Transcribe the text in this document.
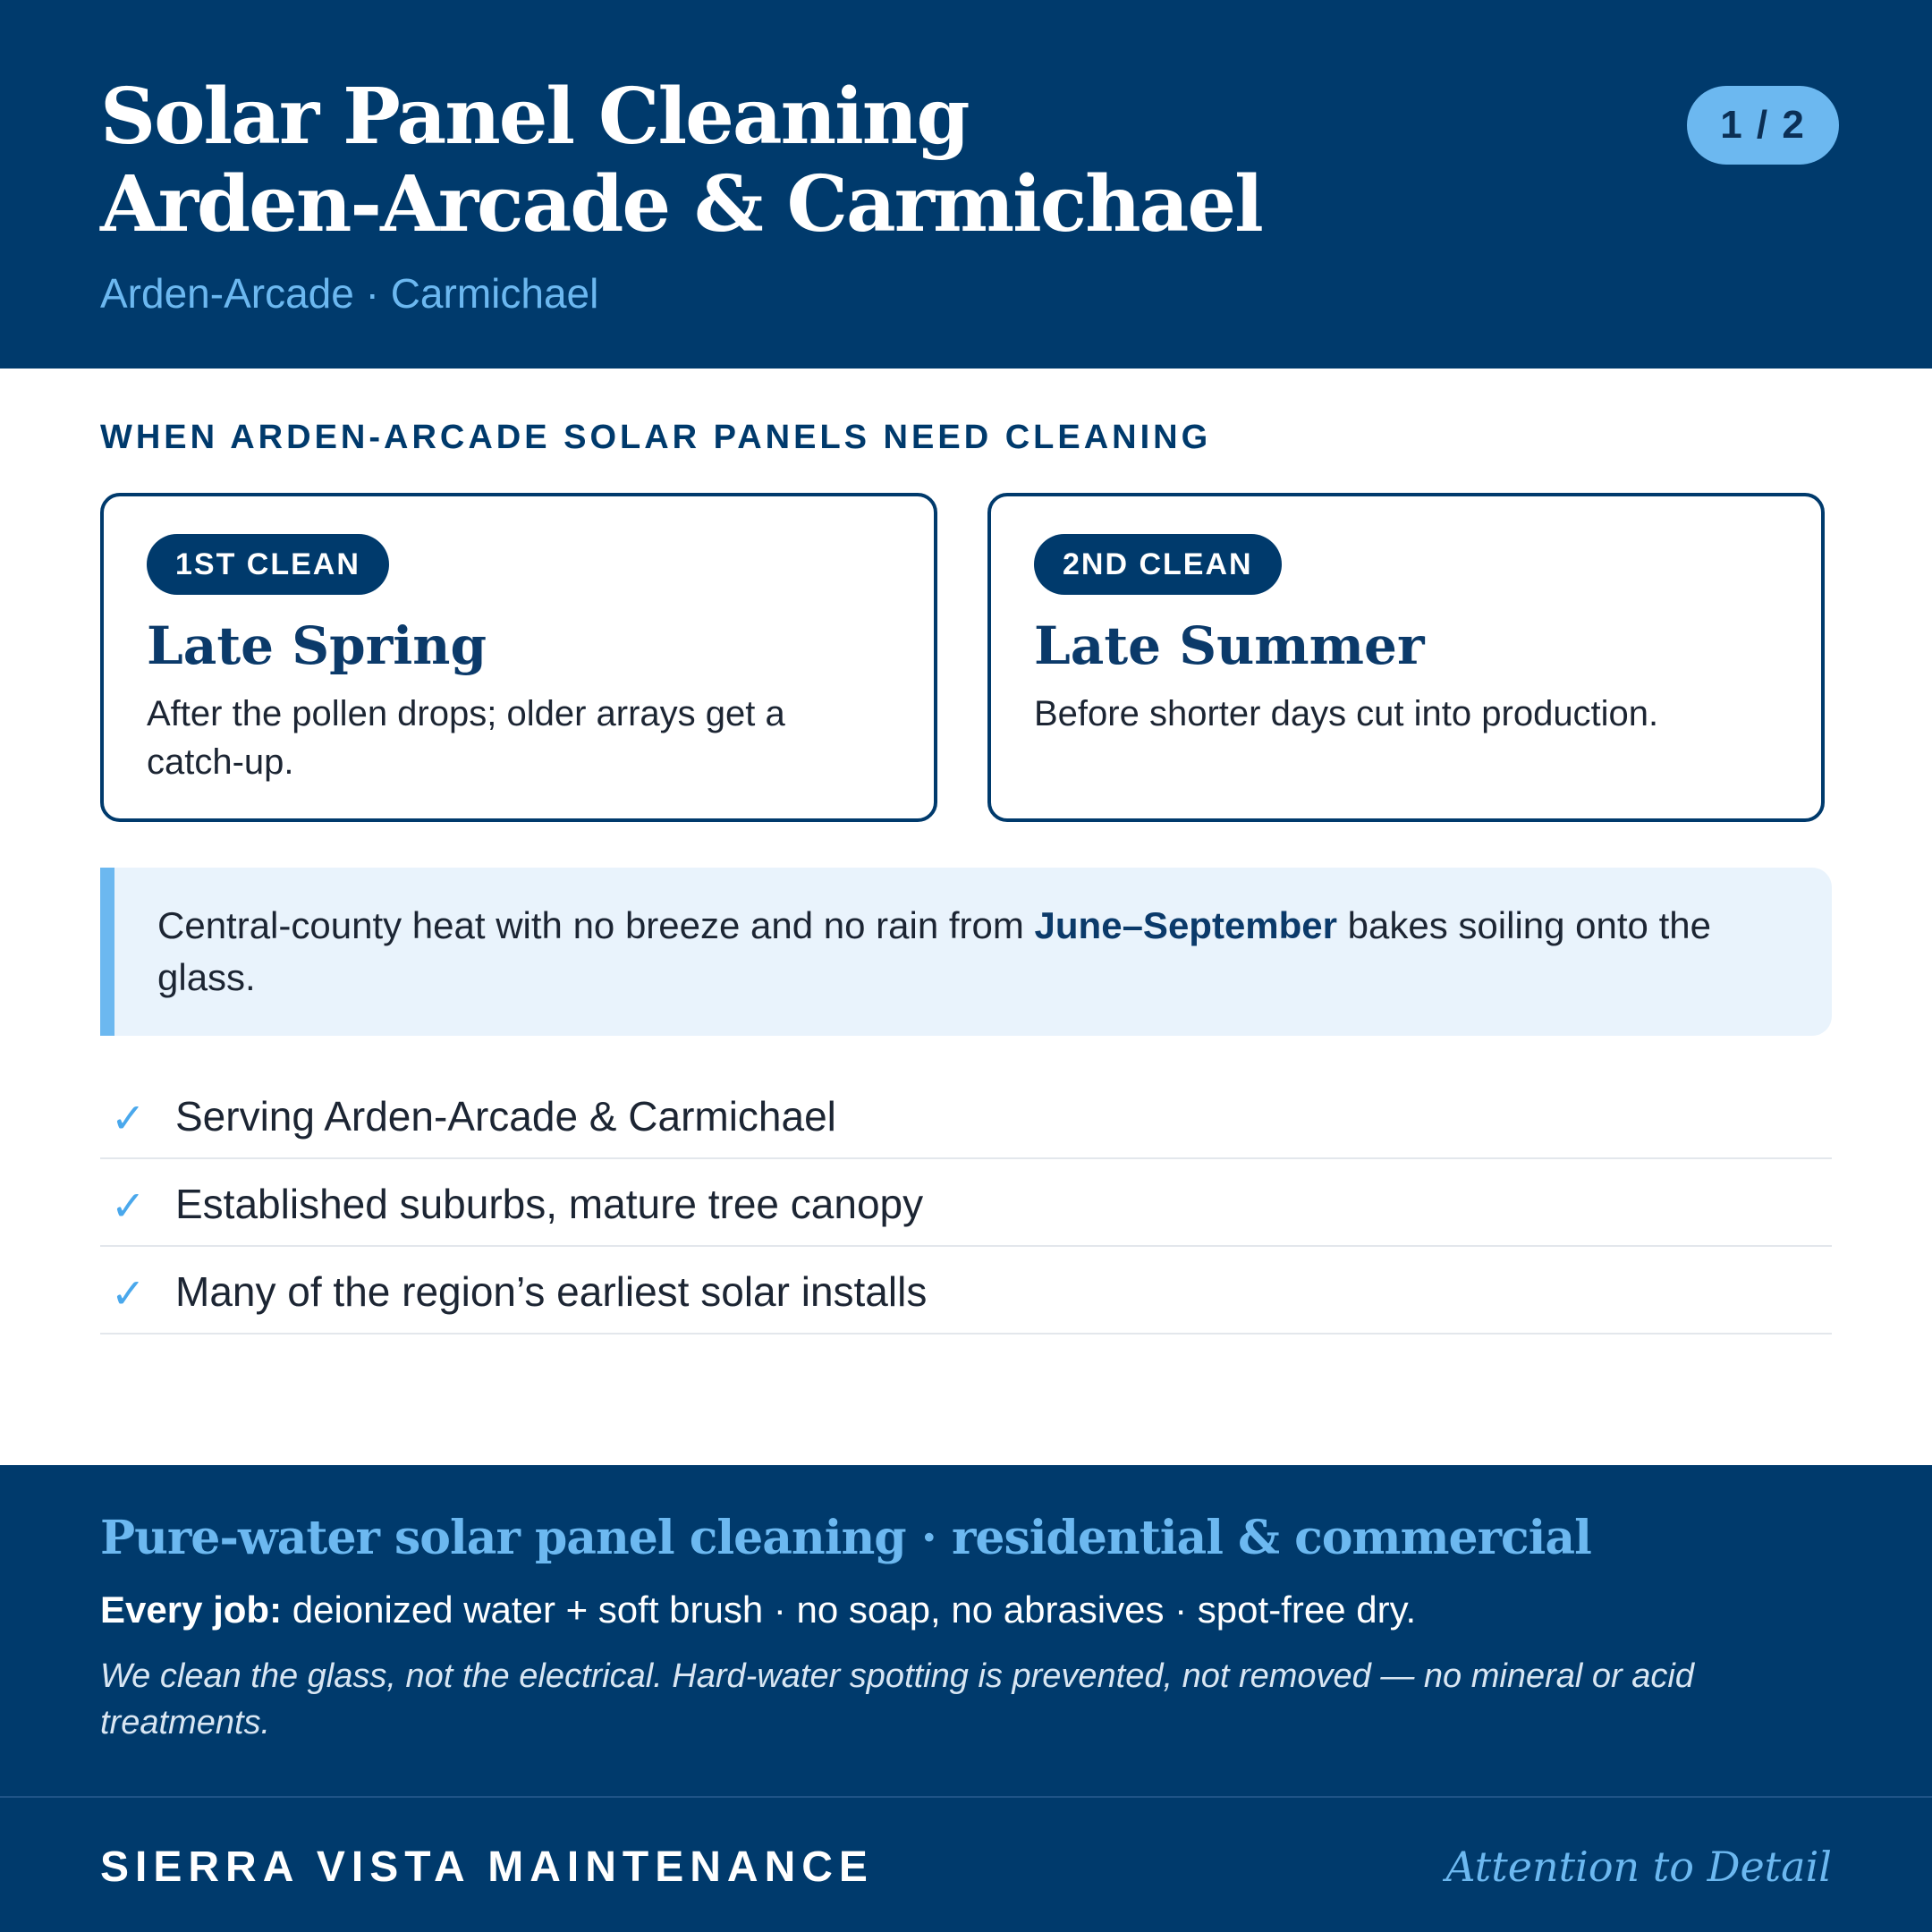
Solar Panel Cleaning
Arden-Arcade & Carmichael
Arden-Arcade · Carmichael
1 / 2
WHEN ARDEN-ARCADE SOLAR PANELS NEED CLEANING
1ST CLEAN
Late Spring

After the pollen drops; older arrays get a catch-up.

2ND CLEAN
Late Summer

Before shorter days cut into production.

Central-county heat with no breeze and no rain from June–September bakes soiling onto the glass.
✓ Serving Arden-Arcade & Carmichael
✓ Established suburbs, mature tree canopy
✓ Many of the region’s earliest solar installs
Pure-water solar panel cleaning · residential & commercial
Every job: deionized water + soft brush · no soap, no abrasives · spot-free dry.

We clean the glass, not the electrical. Hard-water spotting is prevented, not removed — no mineral or acid treatments.

SIERRA VISTA MAINTENANCE	Attention to Detail
